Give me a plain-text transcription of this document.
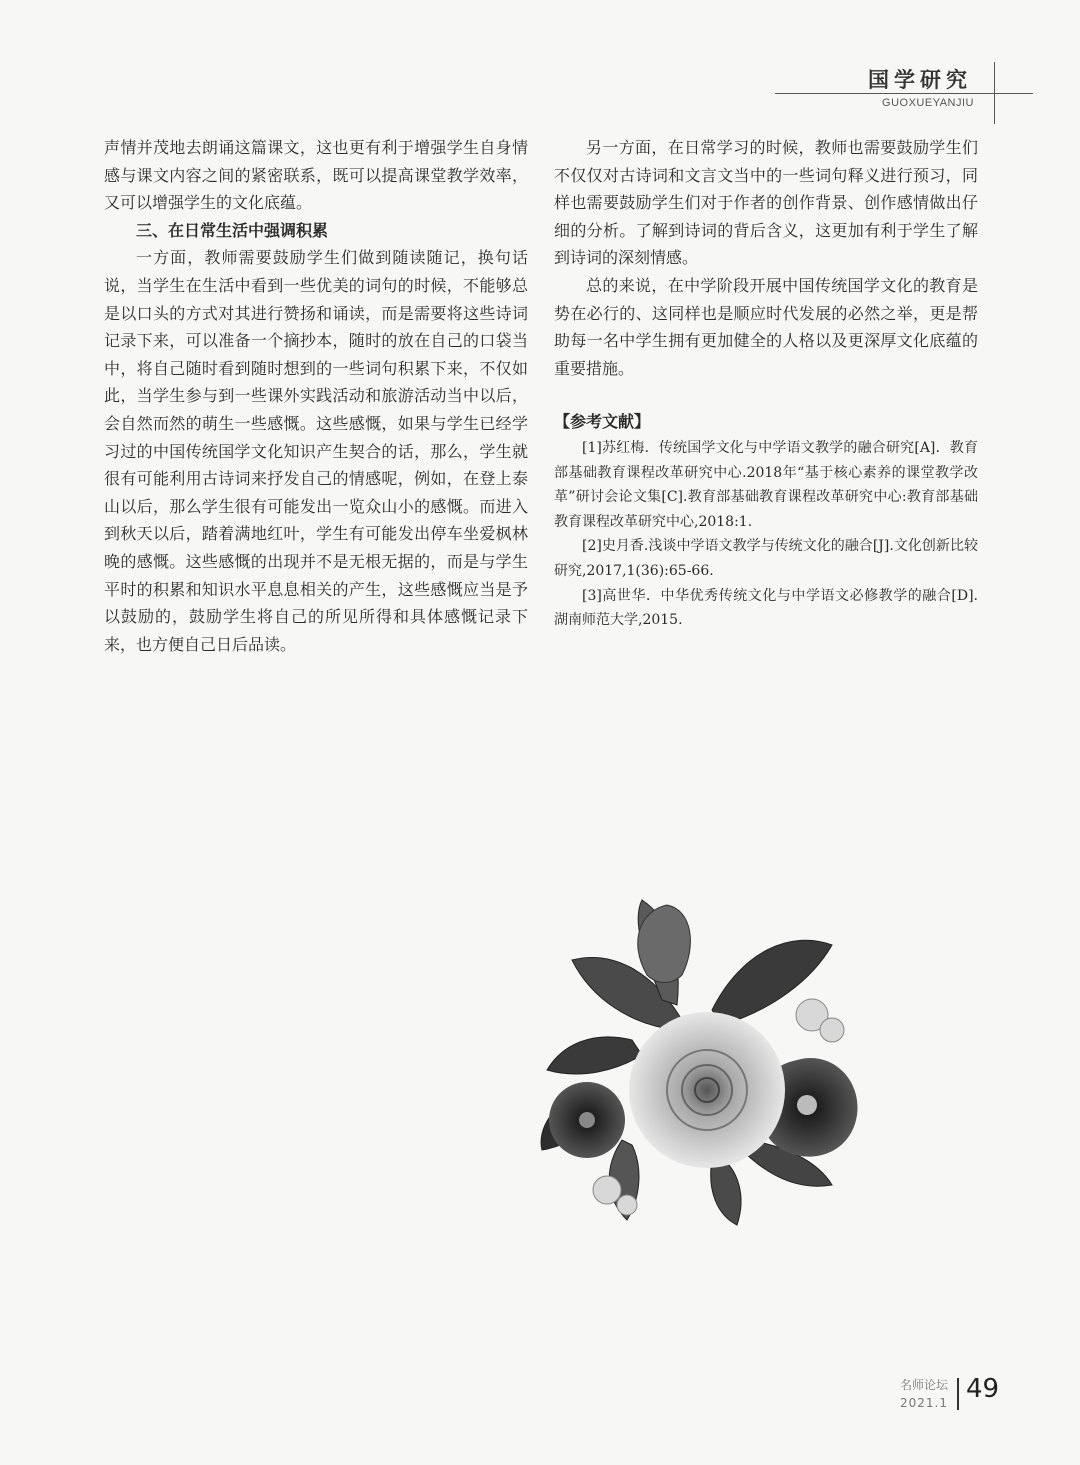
国学研究
GUOXUEYANJIU

声情并茂地去朗诵这篇课文，这也更有利于增强学生自身情感与课文内容之间的紧密联系，既可以提高课堂教学效率，又可以增强学生的文化底蕴。

三、在日常生活中强调积累

一方面，教师需要鼓励学生们做到随读随记，换句话说，当学生在生活中看到一些优美的词句的时候，不能够总是以口头的方式对其进行赞扬和诵读，而是需要将这些诗词记录下来，可以准备一个摘抄本，随时的放在自己的口袋当中，将自己随时看到随时想到的一些词句积累下来，不仅如此，当学生参与到一些课外实践活动和旅游活动当中以后，会自然而然的萌生一些感慨。这些感慨，如果与学生已经学习过的中国传统国学文化知识产生契合的话，那么，学生就很有可能利用古诗词来抒发自己的情感呢，例如，在登上泰山以后，那么学生很有可能发出一览众山小的感慨。而进入到秋天以后，踏着满地红叶，学生有可能发出停车坐爱枫林晚的感慨。这些感慨的出现并不是无根无据的，而是与学生平时的积累和知识水平息息相关的产生，这些感慨应当是予以鼓励的，鼓励学生将自己的所见所得和具体感慨记录下来，也方便自己日后品读。

另一方面，在日常学习的时候，教师也需要鼓励学生们不仅仅对古诗词和文言文当中的一些词句释义进行预习，同样也需要鼓励学生们对于作者的创作背景、创作感情做出仔细的分析。了解到诗词的背后含义，这更加有利于学生了解到诗词的深刻情感。

总的来说，在中学阶段开展中国传统国学文化的教育是势在必行的、这同样也是顺应时代发展的必然之举，更是帮助每一名中学生拥有更加健全的人格以及更深厚文化底蕴的重要措施。

【参考文献】

[1]苏红梅．传统国学文化与中学语文教学的融合研究[A]．教育部基础教育课程改革研究中心.2018年“基于核心素养的课堂教学改革”研讨会论文集[C].教育部基础教育课程改革研究中心:教育部基础教育课程改革研究中心,2018:1.

[2]史月香.浅谈中学语文教学与传统文化的融合[J].文化创新比较研究,2017,1(36):65-66.

[3]高世华．中华优秀传统文化与中学语文必修教学的融合[D].湖南师范大学,2015.

名师论坛
2021.1 49
